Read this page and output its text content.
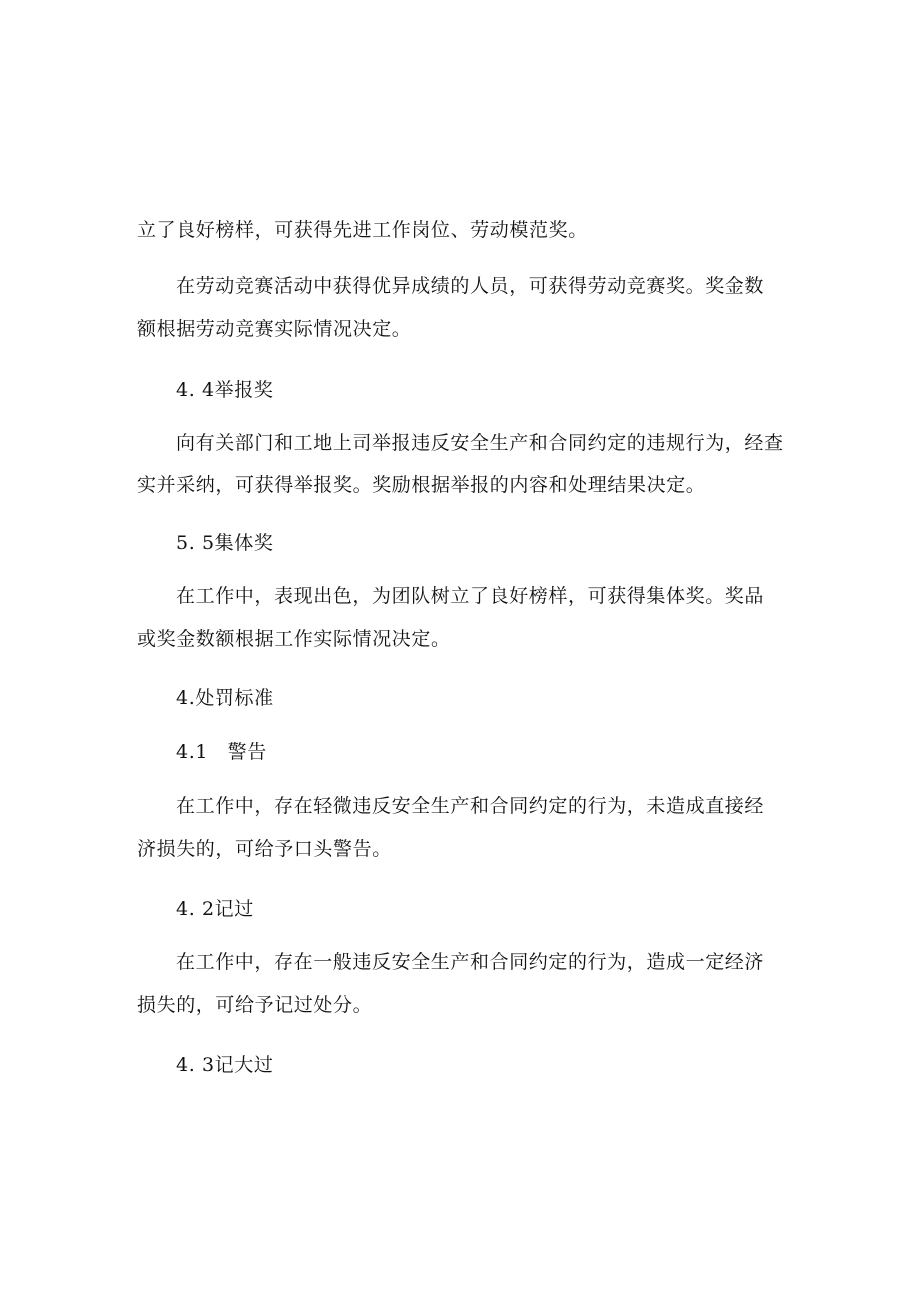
立了良好榜样，可获得先进工作岗位、劳动模范奖。
在劳动竞赛活动中获得优异成绩的人员，可获得劳动竞赛奖。奖金数
额根据劳动竞赛实际情况决定。
4. 4举报奖
向有关部门和工地上司举报违反安全生产和合同约定的违规行为，经查
实并采纳，可获得举报奖。奖励根据举报的内容和处理结果决定。
5. 5集体奖
在工作中，表现出色，为团队树立了良好榜样，可获得集体奖。奖品
或奖金数额根据工作实际情况决定。
4.处罚标准
4.1　警告
在工作中，存在轻微违反安全生产和合同约定的行为，未造成直接经
济损失的，可给予口头警告。
4. 2记过
在工作中，存在一般违反安全生产和合同约定的行为，造成一定经济
损失的，可给予记过处分。
4. 3记大过
